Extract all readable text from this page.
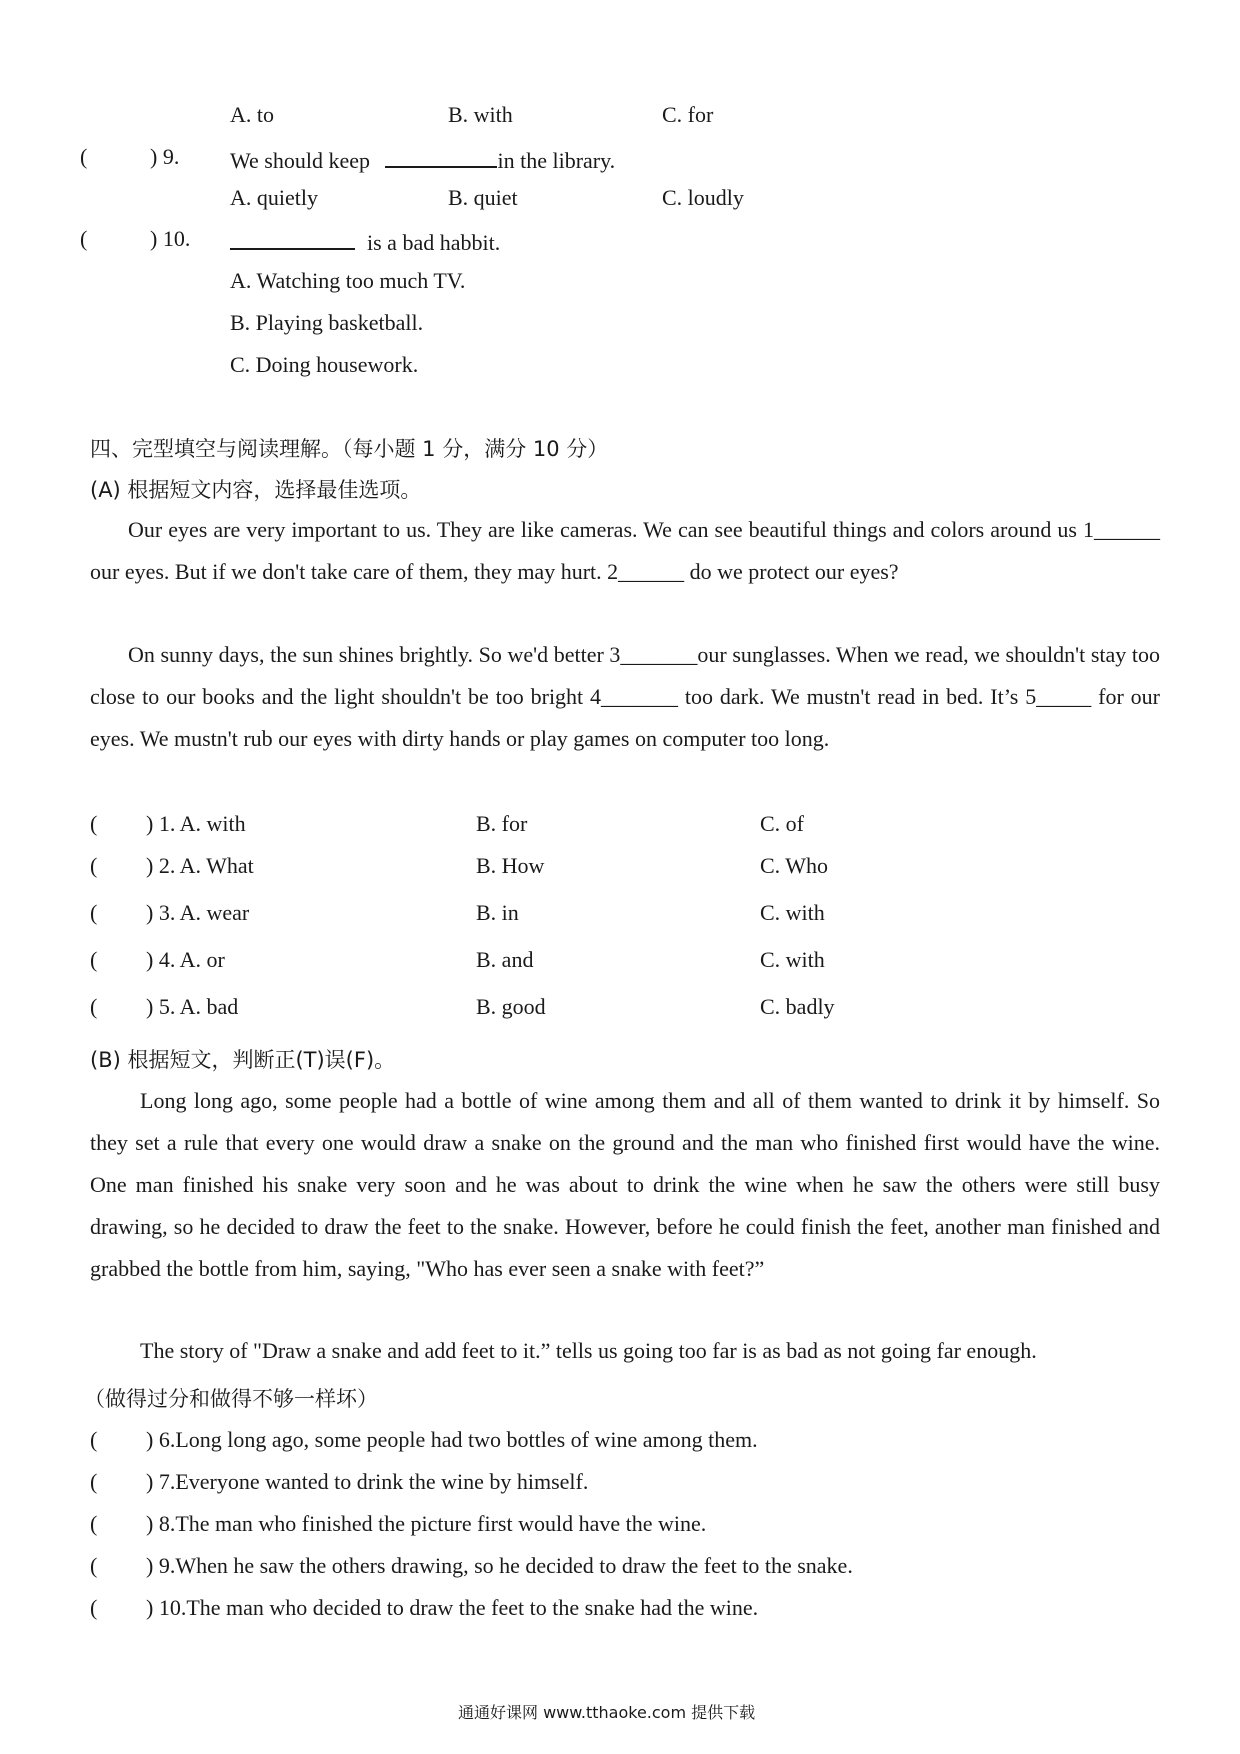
A. to	B. with	C. for
(	) 9. We should keep	in the library.
A. quietly	B. quiet	C. loudly
(	) 10.	is a bad habbit.
A. Watching too much TV.
B. Playing basketball.
C. Doing housework.
四、完型填空与阅读理解。（每小题 1 分，满分 10 分）
(A) 根据短文内容，选择最佳选项。
Our eyes are very important to us. They are like cameras. We can see beautiful things and colors around us 1______ our eyes. But if we don't take care of them, they may hurt. 2______ do we protect our eyes?
On sunny days, the sun shines brightly. So we'd better 3_______our sunglasses. When we read, we shouldn't stay too close to our books and the light shouldn't be too bright 4_______ too dark. We mustn't read in bed. It’s 5_____ for our eyes. We mustn't rub our eyes with dirty hands or play games on computer too long.
( ) 1. A. with	B. for	C. of
( ) 2. A. What	B. How	C. Who
( ) 3. A. wear	B. in	C. with
( ) 4. A. or	B. and	C. with
( ) 5. A. bad	B. good	C. badly
(B) 根据短文，判断正(T)误(F)。
Long long ago, some people had a bottle of wine among them and all of them wanted to drink it by himself. So they set a rule that every one would draw a snake on the ground and the man who finished first would have the wine. One man finished his snake very soon and he was about to drink the wine when he saw the others were still busy drawing, so he decided to draw the feet to the snake. However, before he could finish the feet, another man finished and grabbed the bottle from him, saying, "Who has ever seen a snake with feet?”
The story of "Draw a snake and add feet to it.” tells us going too far is as bad as not going far enough.
（做得过分和做得不够一样坏）
( ) 6.Long long ago, some people had two bottles of wine among them.
( ) 7.Everyone wanted to drink the wine by himself.
( ) 8.The man who finished the picture first would have the wine.
( ) 9.When he saw the others drawing, so he decided to draw the feet to the snake.
( ) 10.The man who decided to draw the feet to the snake had the wine.
通通好课网 www.tthaoke.com 提供下载
